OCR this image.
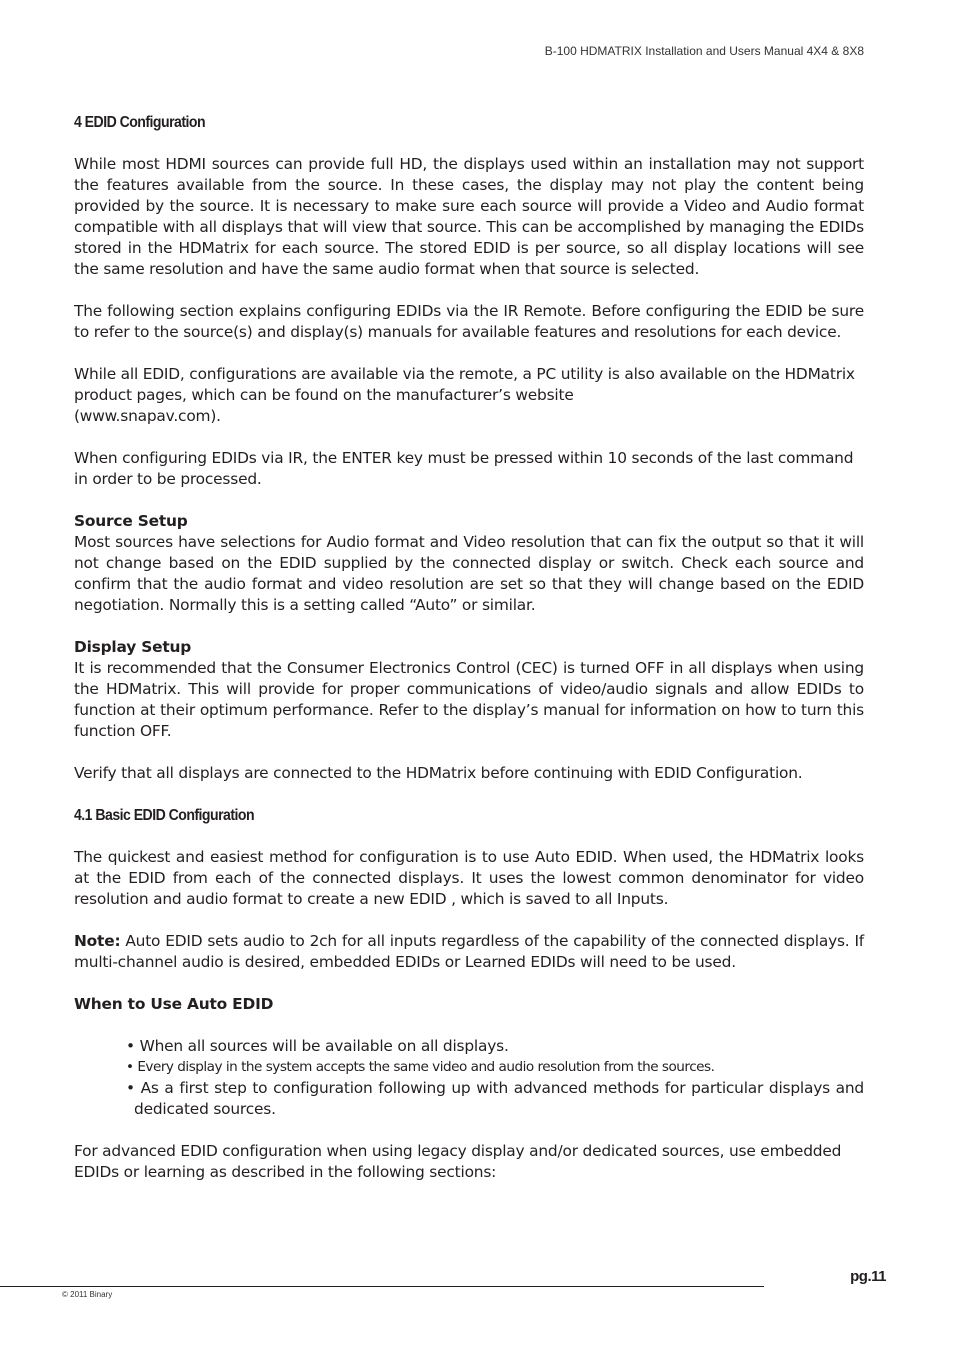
B-100 HDMATRIX Installation and Users Manual 4X4 & 8X8
4 EDID Configuration

While most HDMI sources can provide full HD, the displays used within an installation may not support the features available from the source. In these cases, the display may not play the content being provided by the source. It is necessary to make sure each source will provide a Video and Audio format compatible with all displays that will view that source. This can be accomplished by managing the EDIDs stored in the HDMatrix for each source. The stored EDID is per source, so all display locations will see the same resolution and have the same audio format when that source is selected.

The following section explains configuring EDIDs via the IR Remote. Before configuring the EDID be sure to refer to the source(s) and display(s) manuals for available features and resolutions for each device.

While all EDID, configurations are available via the remote, a PC utility is also available on the HDMatrix product pages, which can be found on the manufacturer’s website
(www.snapav.com).

When configuring EDIDs via IR, the ENTER key must be pressed within 10 seconds of the last command in order to be processed.

Source Setup
Most sources have selections for Audio format and Video resolution that can fix the output so that it will not change based on the EDID supplied by the connected display or switch. Check each source and confirm that the audio format and video resolution are set so that they will change based on the EDID negotiation. Normally this is a setting called “Auto” or similar.

Display Setup
It is recommended that the Consumer Electronics Control (CEC) is turned OFF in all displays when using the HDMatrix. This will provide for proper communications of video/audio signals and allow EDIDs to function at their optimum performance. Refer to the display’s manual for information on how to turn this function OFF.

Verify that all displays are connected to the HDMatrix before continuing with EDID Configuration.

4.1 Basic EDID Configuration

The quickest and easiest method for configuration is to use Auto EDID. When used, the HDMatrix looks at the EDID from each of the connected displays. It uses the lowest common denominator for video resolution and audio format to create a new EDID , which is saved to all Inputs.

Note: Auto EDID sets audio to 2ch for all inputs regardless of the capability of the connected displays. If multi-channel audio is desired, embedded EDIDs or Learned EDIDs will need to be used.

When to Use Auto EDID
• When all sources will be available on all displays.
• Every display in the system accepts the same video and audio resolution from the sources.
• As a first step to configuration following up with advanced methods for particular displays and dedicated sources.

For advanced EDID configuration when using legacy display and/or dedicated sources, use embedded EDIDs or learning as described in the following sections:

© 2011 Binary
pg.11
